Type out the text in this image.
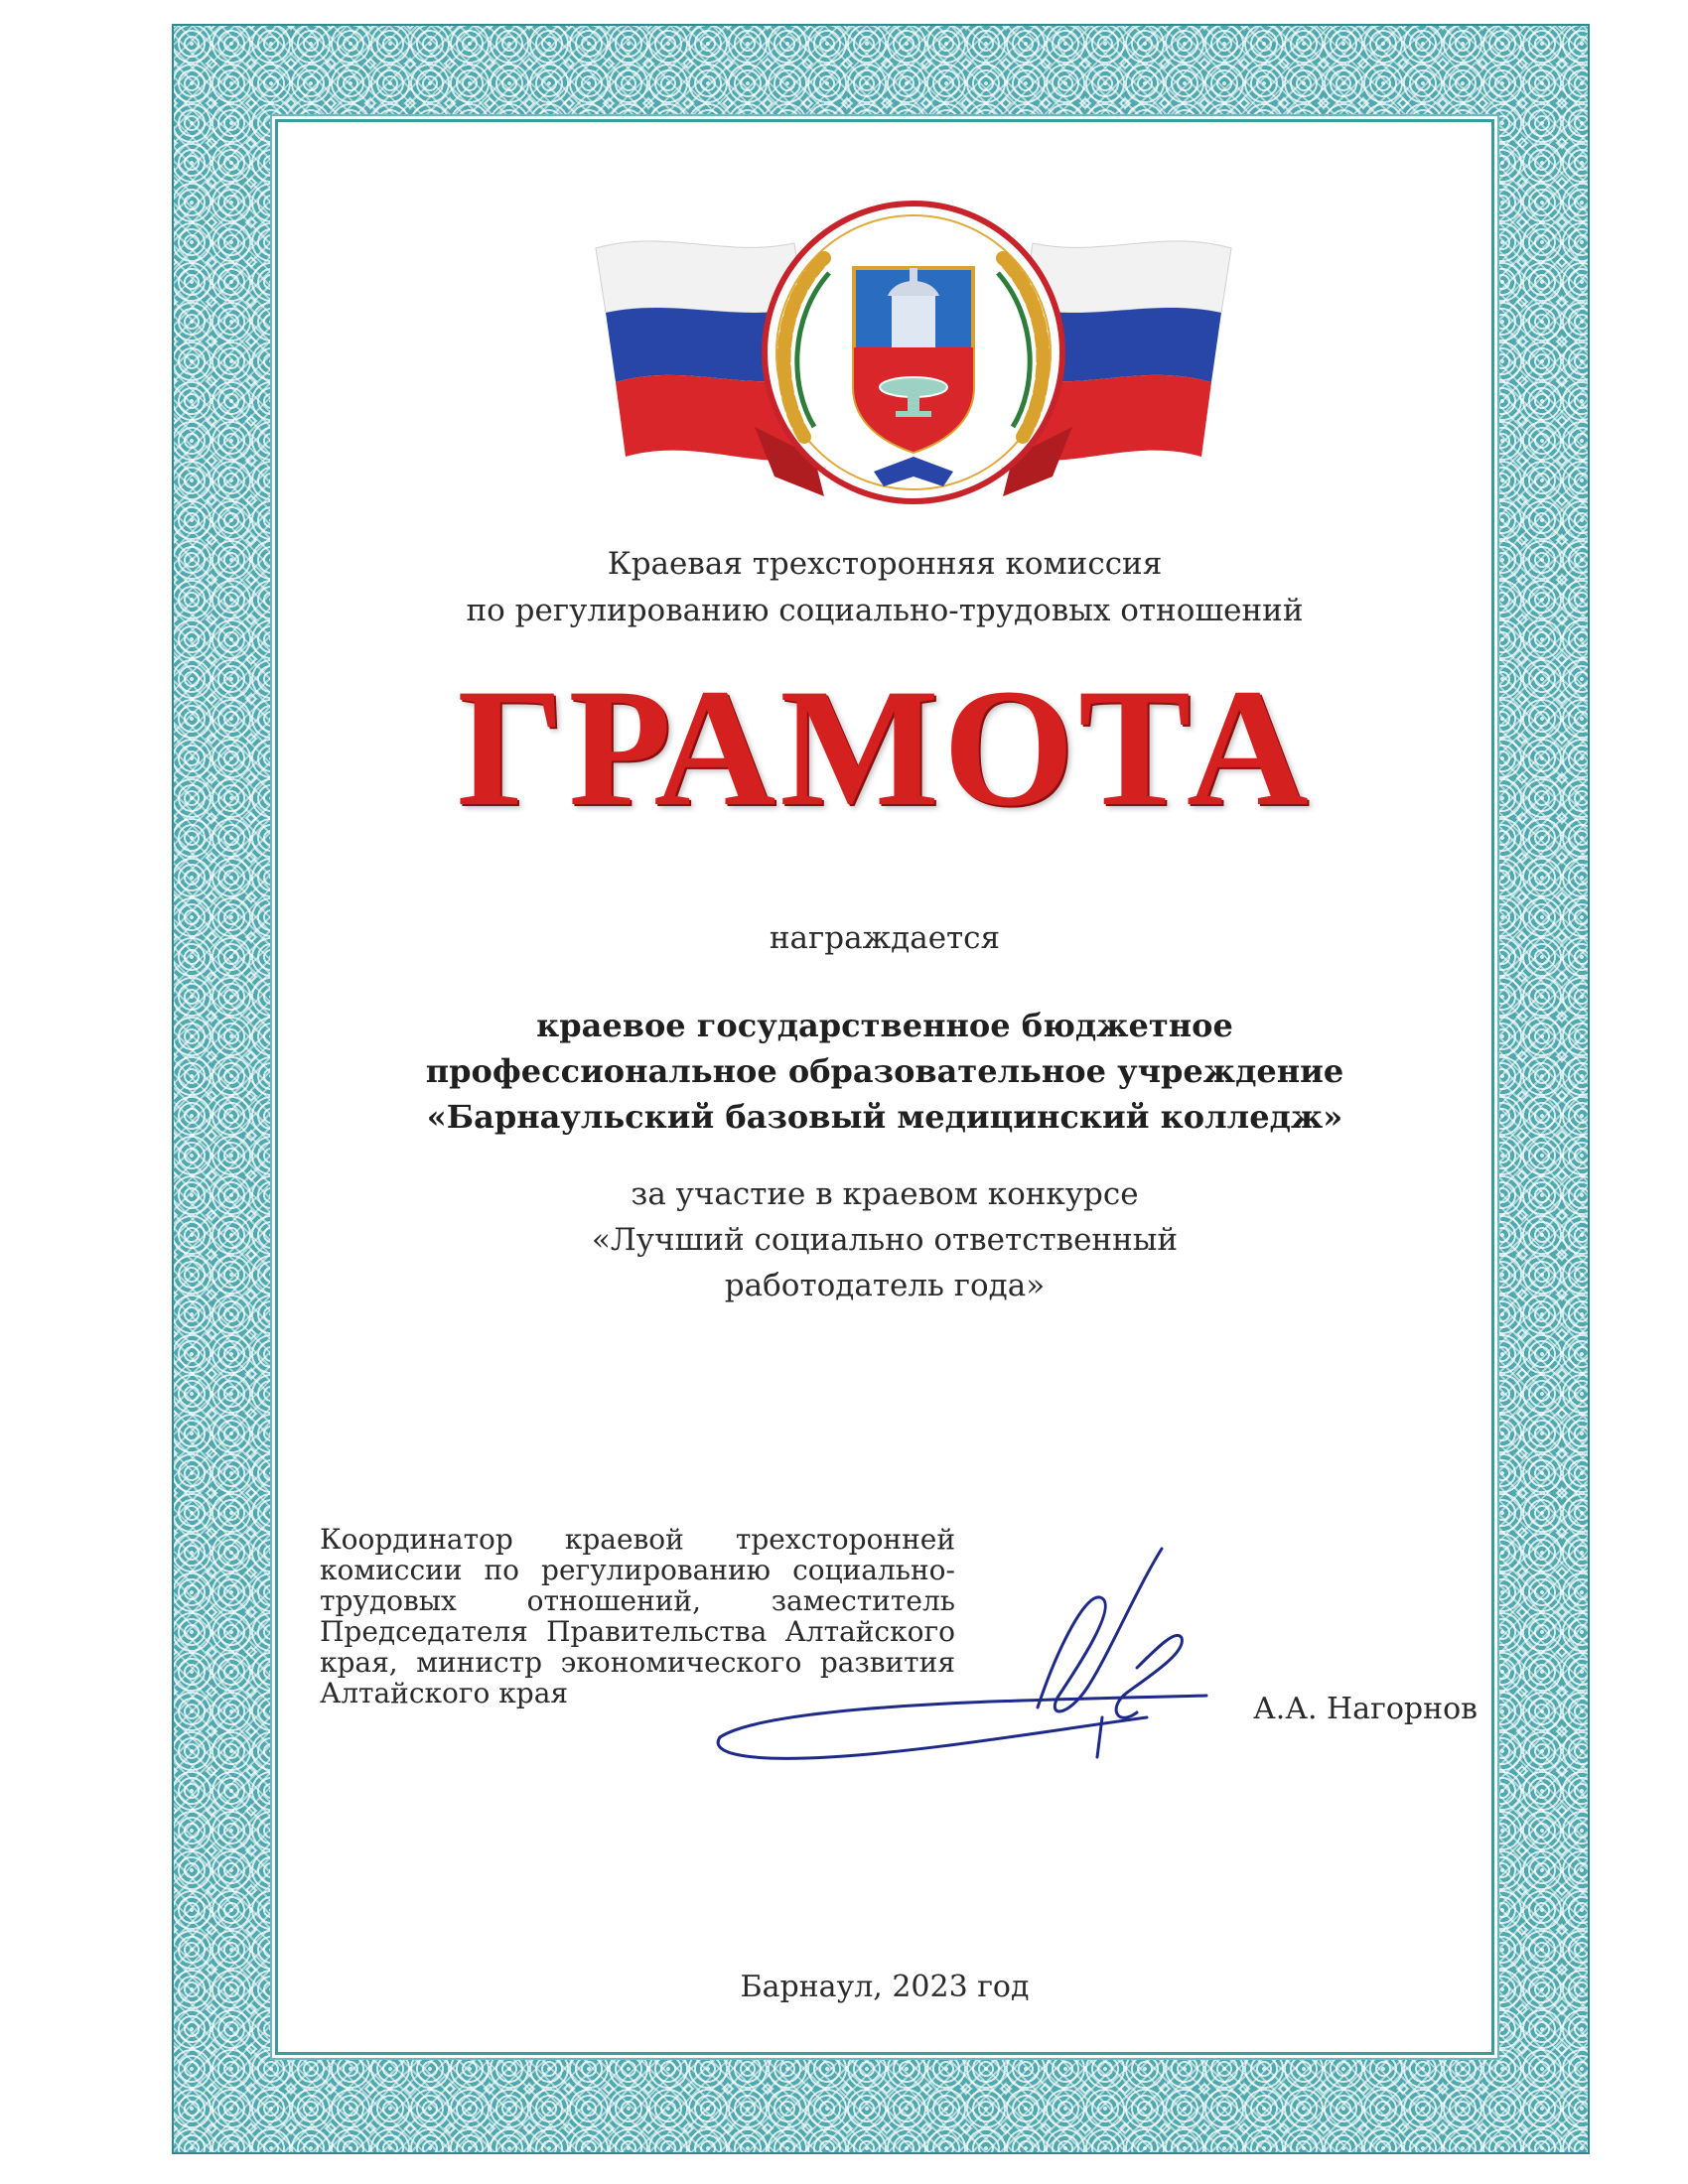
Краевая трехсторонняя комиссия
по регулированию социально-трудовых отношений
ГРАМОТА
награждается
краевое государственное бюджетное
профессиональное образовательное учреждение
«Барнаульский базовый медицинский колледж»
за участие в краевом конкурсе
«Лучший социально ответственный
работодатель года»
Координатор краевой трехсторонней комиссии по регулированию социально-трудовых отношений, заместитель Председателя Правительства Алтайского края, министр экономического развития Алтайского края	А.А. Нагорнов
Барнаул, 2023 год
